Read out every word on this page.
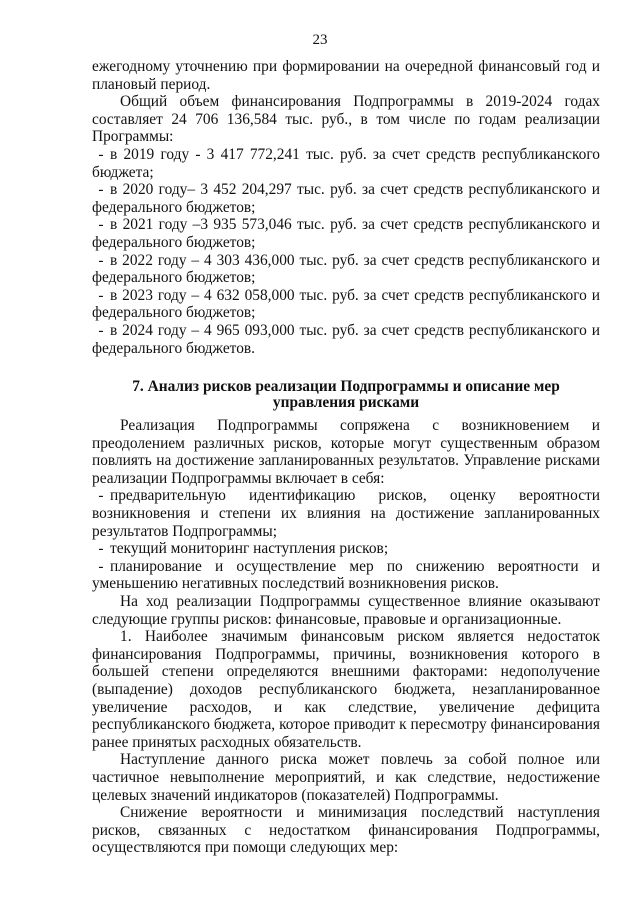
23

ежегодному уточнению при формировании на очередной финансовый год и плановый период.

Общий объем финансирования Подпрограммы в 2019-2024 годах составляет 24 706 136,584 тыс. руб., в том числе по годам реализации Программы:

- в 2019 году - 3 417 772,241 тыс. руб. за счет средств республиканского бюджета;

- в 2020 году– 3 452 204,297 тыс. руб. за счет средств республиканского и федерального бюджетов;

- в 2021 году –3 935 573,046 тыс. руб. за счет средств республиканского и федерального бюджетов;

- в 2022 году – 4 303 436,000 тыс. руб. за счет средств республиканского и федерального бюджетов;

- в 2023 году – 4 632 058,000 тыс. руб. за счет средств республиканского и федерального бюджетов;

- в 2024 году – 4 965 093,000 тыс. руб. за счет средств республиканского и федерального бюджетов.

7. Анализ рисков реализации Подпрограммы и описание мер управления рисками

Реализация Подпрограммы сопряжена с возникновением и преодолением различных рисков, которые могут существенным образом повлиять на достижение запланированных результатов. Управление рисками реализации Подпрограммы включает в себя:

- предварительную идентификацию рисков, оценку вероятности возникновения и степени их влияния на достижение запланированных результатов Подпрограммы;

- текущий мониторинг наступления рисков;

- планирование и осуществление мер по снижению вероятности и уменьшению негативных последствий возникновения рисков.

На ход реализации Подпрограммы существенное влияние оказывают следующие группы рисков: финансовые, правовые и организационные.

1. Наиболее значимым финансовым риском является недостаток финансирования Подпрограммы, причины, возникновения которого в большей степени определяются внешними факторами: недополучение (выпадение) доходов республиканского бюджета, незапланированное увеличение расходов, и как следствие, увеличение дефицита республиканского бюджета, которое приводит к пересмотру финансирования ранее принятых расходных обязательств.

Наступление данного риска может повлечь за собой полное или частичное невыполнение мероприятий, и как следствие, недостижение целевых значений индикаторов (показателей) Подпрограммы.

Снижение вероятности и минимизация последствий наступления рисков, связанных с недостатком финансирования Подпрограммы, осуществляются при помощи следующих мер:
